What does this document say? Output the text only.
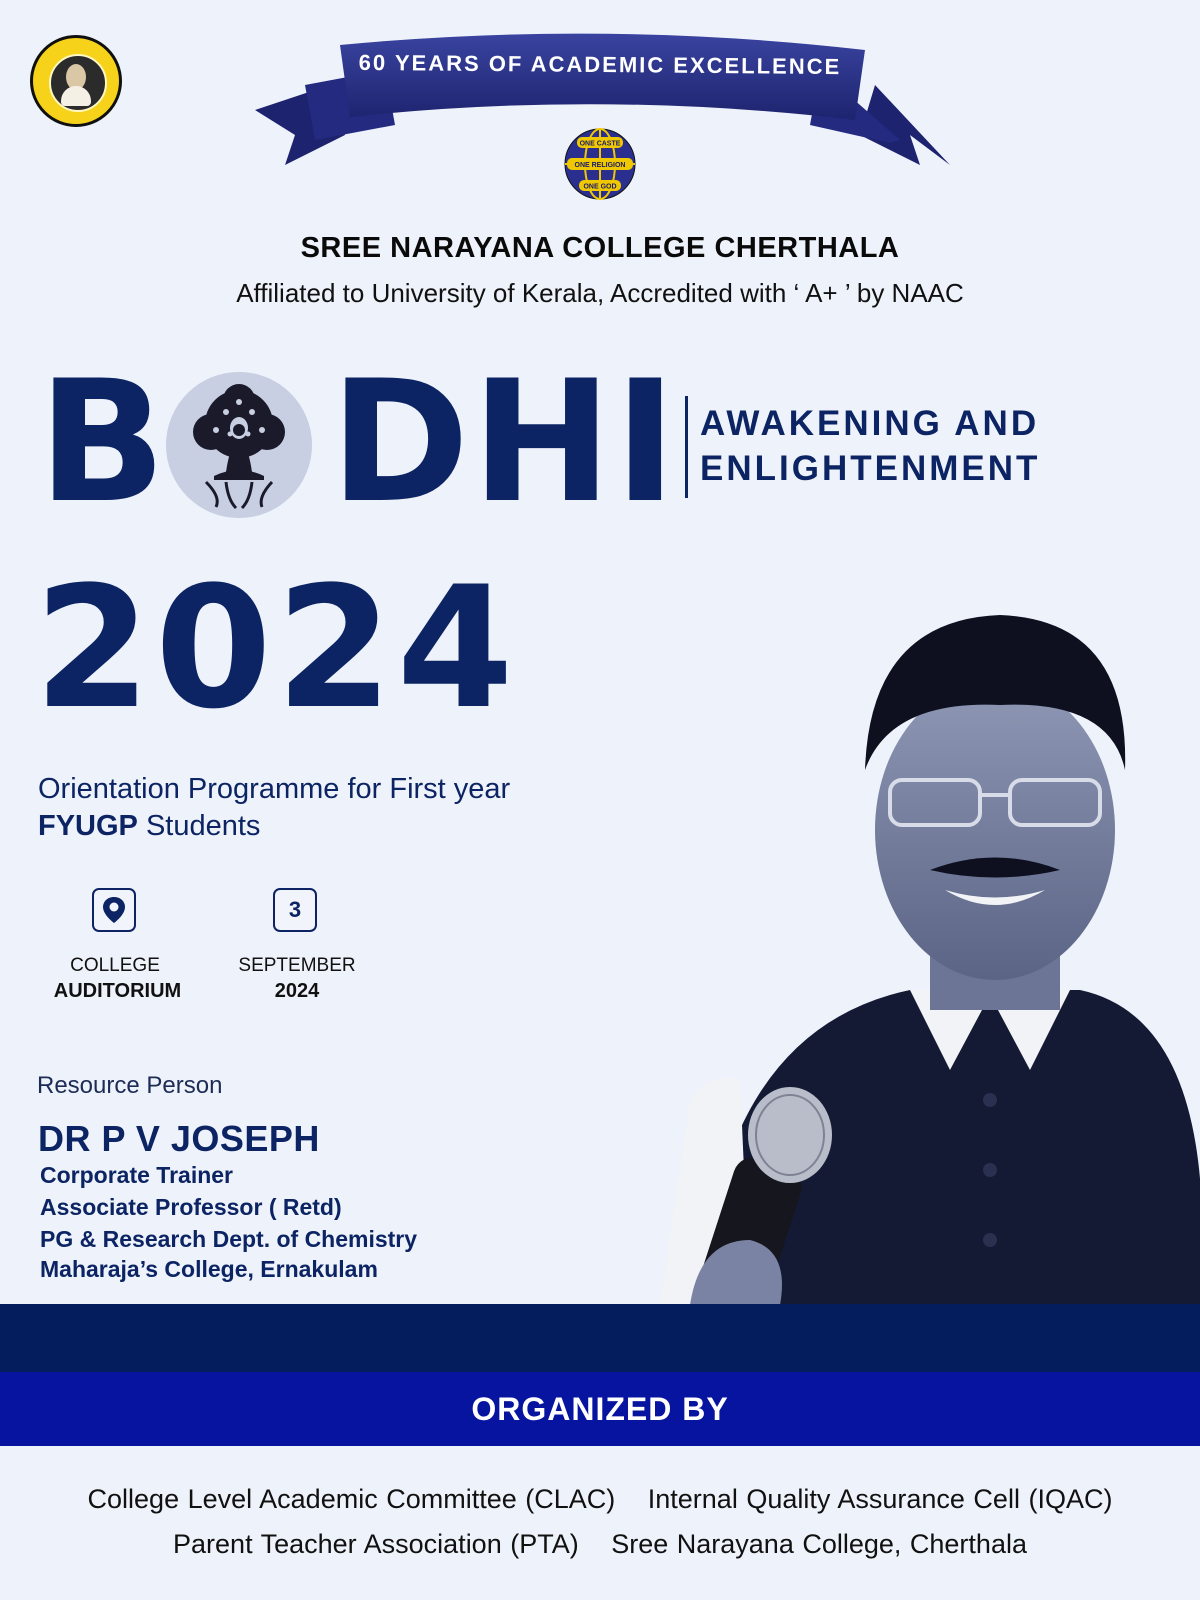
60 YEARS OF ACADEMIC EXCELLENCE
ONE CASTE
ONE RELIGION
ONE GOD
SREE NARAYANA COLLEGE CHERTHALA
Affiliated to University of Kerala, Accredited with ‘ A+ ’ by NAAC
B DHI AWAKENING AND
ENLIGHTENMENT
2024
Orientation Programme for First year
FYUGP Students
COLLEGE
AUDITORIUM
3
SEPTEMBER
2024
Resource Person
DR P V JOSEPH
Corporate Trainer
Associate Professor ( Retd)
PG & Research Dept. of Chemistry
Maharaja’s College, Ernakulam
ORGANIZED BY
College Level Academic Committee (CLAC) Internal Quality Assurance Cell (IQAC)
Parent Teacher Association (PTA) Sree Narayana College, Cherthala
